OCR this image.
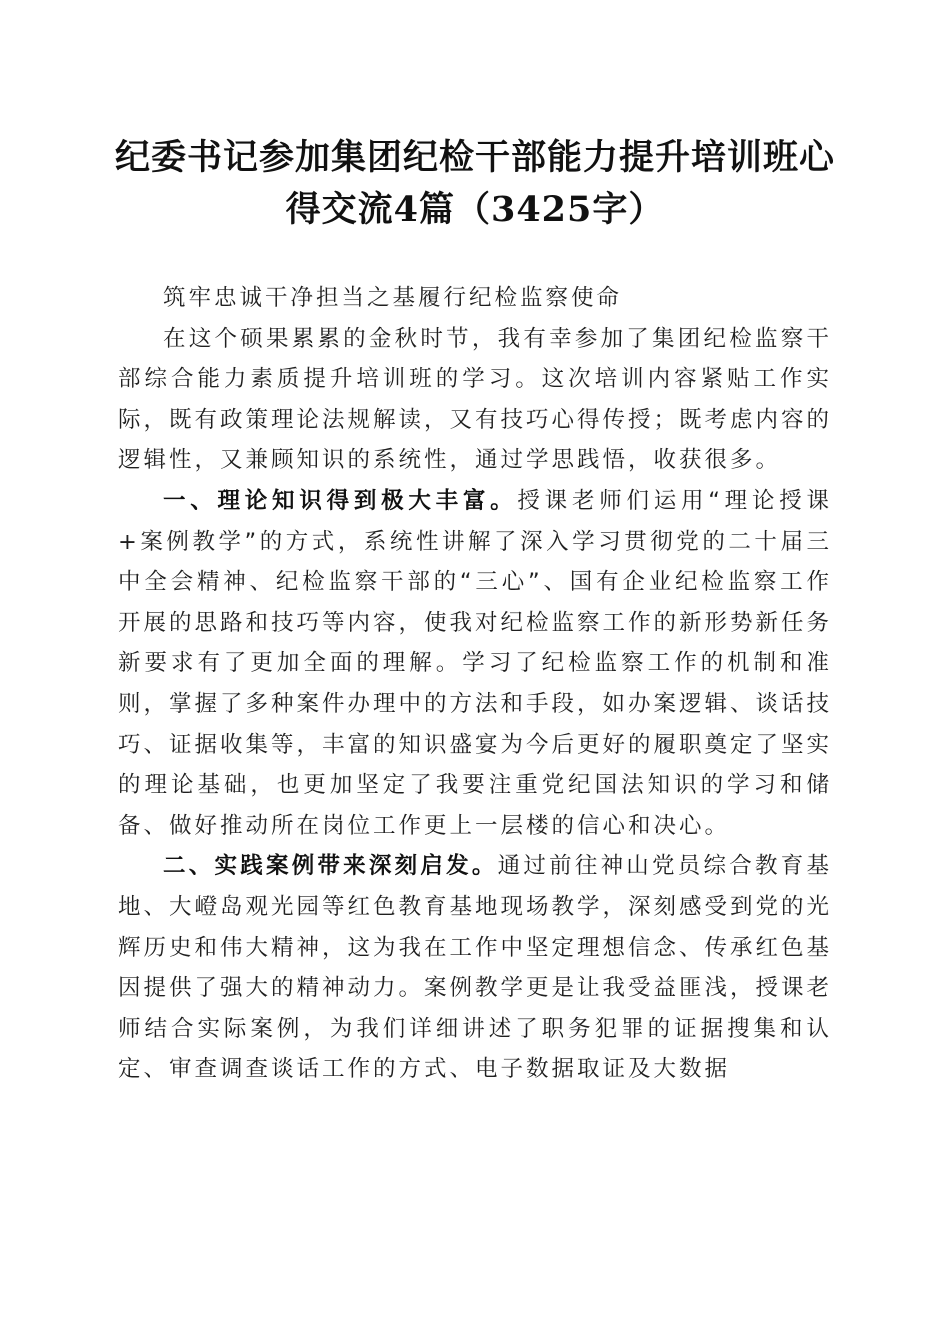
纪委书记参加集团纪检干部能力提升培训班心
得交流4篇（3425字）

筑牢忠诚干净担当之基履行纪检监察使命

在这个硕果累累的金秋时节，我有幸参加了集团纪检监察干部综合能力素质提升培训班的学习。这次培训内容紧贴工作实际，既有政策理论法规解读，又有技巧心得传授；既考虑内容的逻辑性，又兼顾知识的系统性，通过学思践悟，收获很多。

一、理论知识得到极大丰富。授课老师们运用“理论授课+案例教学”的方式，系统性讲解了深入学习贯彻党的二十届三中全会精神、纪检监察干部的“三心”、国有企业纪检监察工作开展的思路和技巧等内容，使我对纪检监察工作的新形势新任务新要求有了更加全面的理解。学习了纪检监察工作的机制和准则，掌握了多种案件办理中的方法和手段，如办案逻辑、谈话技巧、证据收集等，丰富的知识盛宴为今后更好的履职奠定了坚实的理论基础，也更加坚定了我要注重党纪国法知识的学习和储备、做好推动所在岗位工作更上一层楼的信心和决心。

二、实践案例带来深刻启发。通过前往神山党员综合教育基地、大嶝岛观光园等红色教育基地现场教学，深刻感受到党的光辉历史和伟大精神，这为我在工作中坚定理想信念、传承红色基因提供了强大的精神动力。案例教学更是让我受益匪浅，授课老师结合实际案例，为我们详细讲述了职务犯罪的证据搜集和认定、审查调查谈话工作的方式、电子数据取证及大数据
